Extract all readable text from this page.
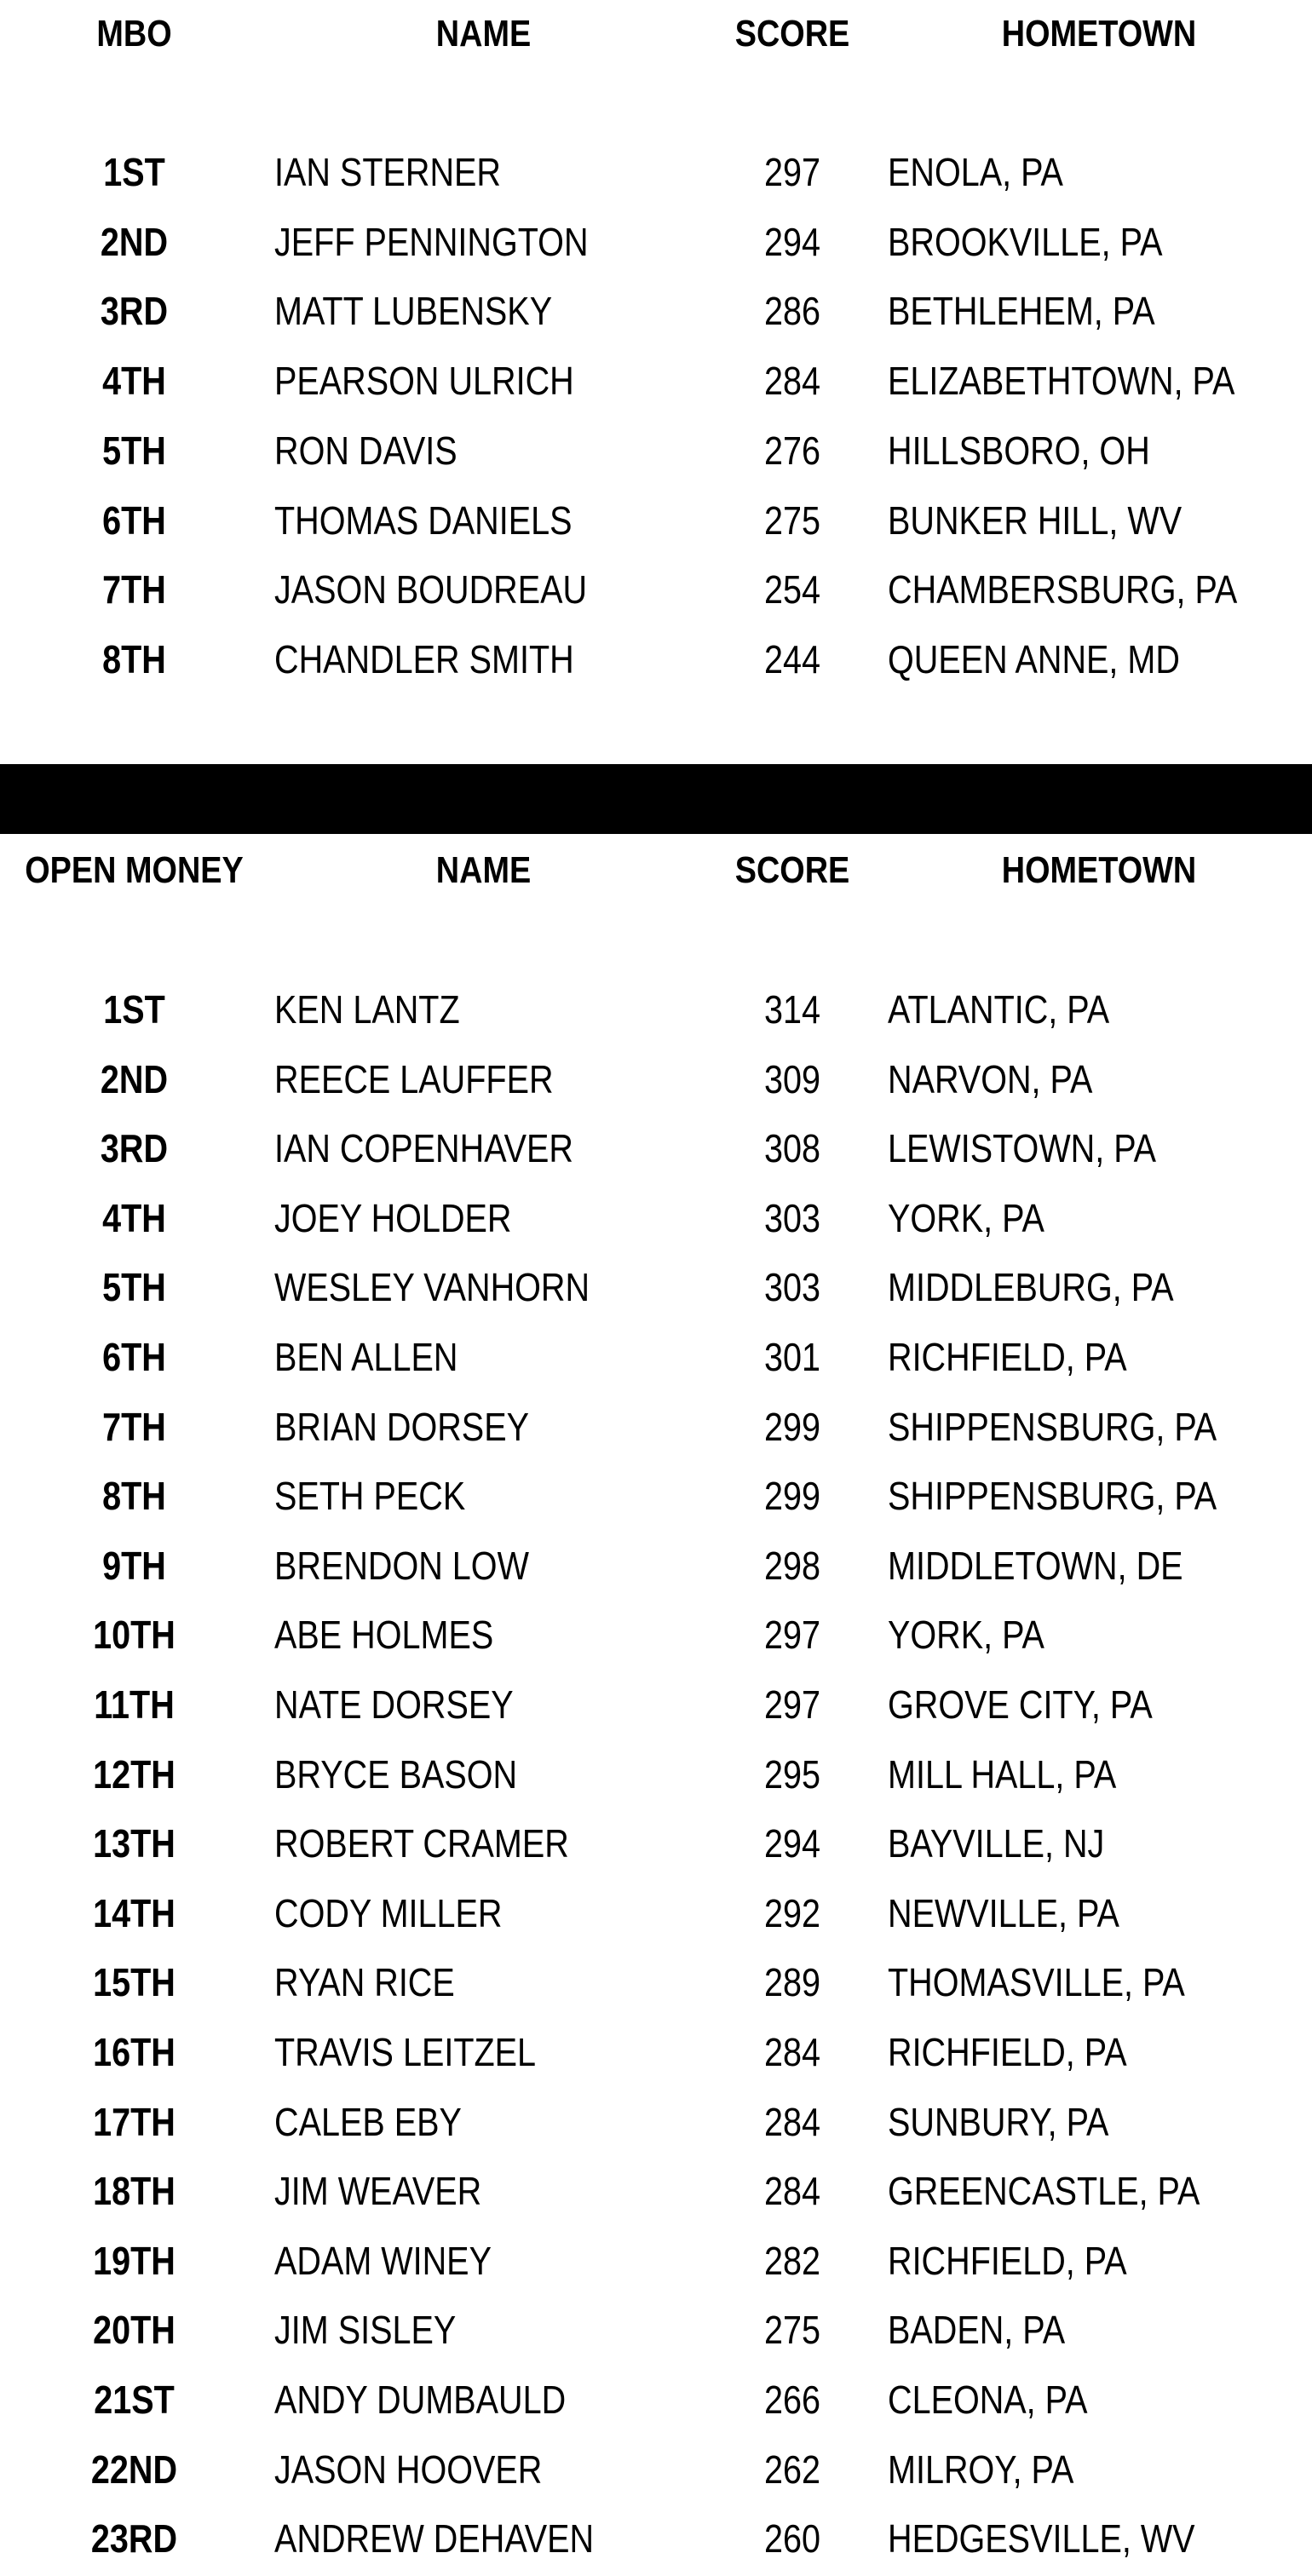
MBO	NAME	SCORE	HOMETOWN
1ST	IAN STERNER	297	ENOLA, PA
2ND	JEFF PENNINGTON	294	BROOKVILLE, PA
3RD	MATT LUBENSKY	286	BETHLEHEM, PA
4TH	PEARSON ULRICH	284	ELIZABETHTOWN, PA
5TH	RON DAVIS	276	HILLSBORO, OH
6TH	THOMAS DANIELS	275	BUNKER HILL, WV
7TH	JASON BOUDREAU	254	CHAMBERSBURG, PA
8TH	CHANDLER SMITH	244	QUEEN ANNE, MD
OPEN MONEY	NAME	SCORE	HOMETOWN
1ST	KEN LANTZ	314	ATLANTIC, PA
2ND	REECE LAUFFER	309	NARVON, PA
3RD	IAN COPENHAVER	308	LEWISTOWN, PA
4TH	JOEY HOLDER	303	YORK, PA
5TH	WESLEY VANHORN	303	MIDDLEBURG, PA
6TH	BEN ALLEN	301	RICHFIELD, PA
7TH	BRIAN DORSEY	299	SHIPPENSBURG, PA
8TH	SETH PECK	299	SHIPPENSBURG, PA
9TH	BRENDON LOW	298	MIDDLETOWN, DE
10TH	ABE HOLMES	297	YORK, PA
11TH	NATE DORSEY	297	GROVE CITY, PA
12TH	BRYCE BASON	295	MILL HALL, PA
13TH	ROBERT CRAMER	294	BAYVILLE, NJ
14TH	CODY MILLER	292	NEWVILLE, PA
15TH	RYAN RICE	289	THOMASVILLE, PA
16TH	TRAVIS LEITZEL	284	RICHFIELD, PA
17TH	CALEB EBY	284	SUNBURY, PA
18TH	JIM WEAVER	284	GREENCASTLE, PA
19TH	ADAM WINEY	282	RICHFIELD, PA
20TH	JIM SISLEY	275	BADEN, PA
21ST	ANDY DUMBAULD	266	CLEONA, PA
22ND	JASON HOOVER	262	MILROY, PA
23RD	ANDREW DEHAVEN	260	HEDGESVILLE, WV
